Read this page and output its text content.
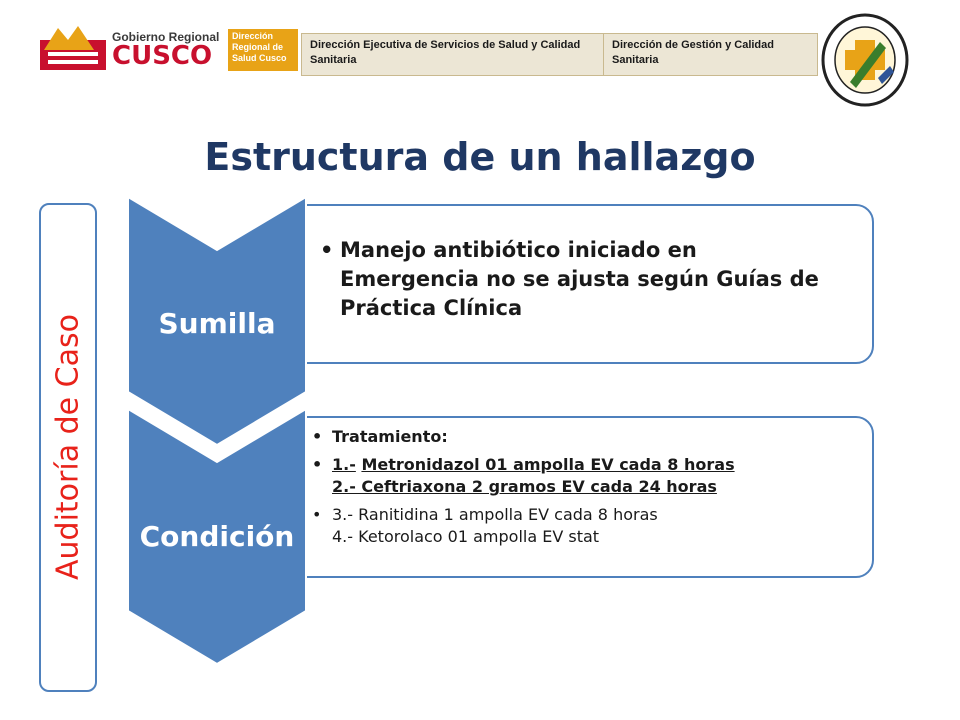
Gobierno Regional
CUSCO
Dirección Regional de Salud Cusco
Dirección Ejecutiva de Servicios de Salud y Calidad Sanitaria
Dirección de Gestión y Calidad Sanitaria
Estructura de un hallazgo
Auditoría de Caso
• Manejo antibiótico iniciado en Emergencia no se ajusta según Guías de Práctica Clínica
• Tratamiento:
• 1.- Metronidazol 01 ampolla EV cada 8 horas
2.- Ceftriaxona 2 gramos EV cada 24 horas
• 3.- Ranitidina 1 ampolla EV cada 8 horas
4.- Ketorolaco 01 ampolla EV stat
Sumilla
Condición
